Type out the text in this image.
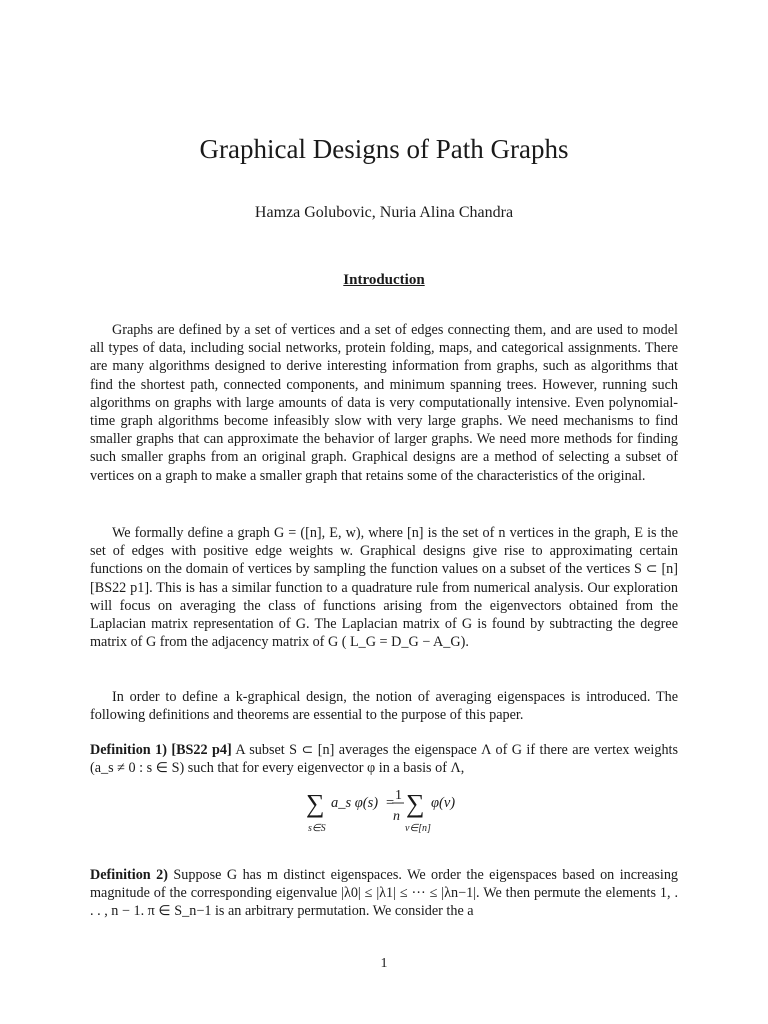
Graphical Designs of Path Graphs
Hamza Golubovic, Nuria Alina Chandra
Introduction

Graphs are defined by a set of vertices and a set of edges connecting them, and are used to model all types of data, including social networks, protein folding, maps, and categorical assignments. There are many algorithms designed to derive interesting information from graphs, such as algorithms that find the shortest path, connected components, and minimum spanning trees. However, running such algorithms on graphs with large amounts of data is very computationally intensive. Even polynomial-time graph algorithms become infeasibly slow with very large graphs. We need mechanisms to find smaller graphs that can approximate the behavior of larger graphs. We need more methods for finding such smaller graphs from an original graph. Graphical designs are a method of selecting a subset of vertices on a graph to make a smaller graph that retains some of the characteristics of the original.

We formally define a graph G = ([n], E, w), where [n] is the set of n vertices in the graph, E is the set of edges with positive edge weights w. Graphical designs give rise to approximating certain functions on the domain of vertices by sampling the function values on a subset of the vertices S ⊂ [n] [BS22 p1]. This is has a similar function to a quadrature rule from numerical analysis. Our exploration will focus on averaging the class of functions arising from the eigenvectors obtained from the Laplacian matrix representation of G. The Laplacian matrix of G is found by subtracting the degree matrix of G from the adjacency matrix of G ( L_G = D_G − A_G).

In order to define a k-graphical design, the notion of averaging eigenspaces is introduced. The following definitions and theorems are essential to the purpose of this paper.

Definition 1) [BS22 p4] A subset S ⊂ [n] averages the eigenspace Λ of G if there are vertex weights (a_s ≠ 0 : s ∈ S) such that for every eigenvector φ in a basis of Λ,

∑
s∈S
a_s φ(s) = 1
n ∑
v∈[n]
φ(v)

Definition 2) Suppose G has m distinct eigenspaces. We order the eigenspaces based on increasing magnitude of the corresponding eigenvalue |λ0| ≤ |λ1| ≤ ··· ≤ |λn−1|. We then permute the elements 1, . . . , n − 1. π ∈ S_n−1 is an arbitrary permutation. We consider the a

1
